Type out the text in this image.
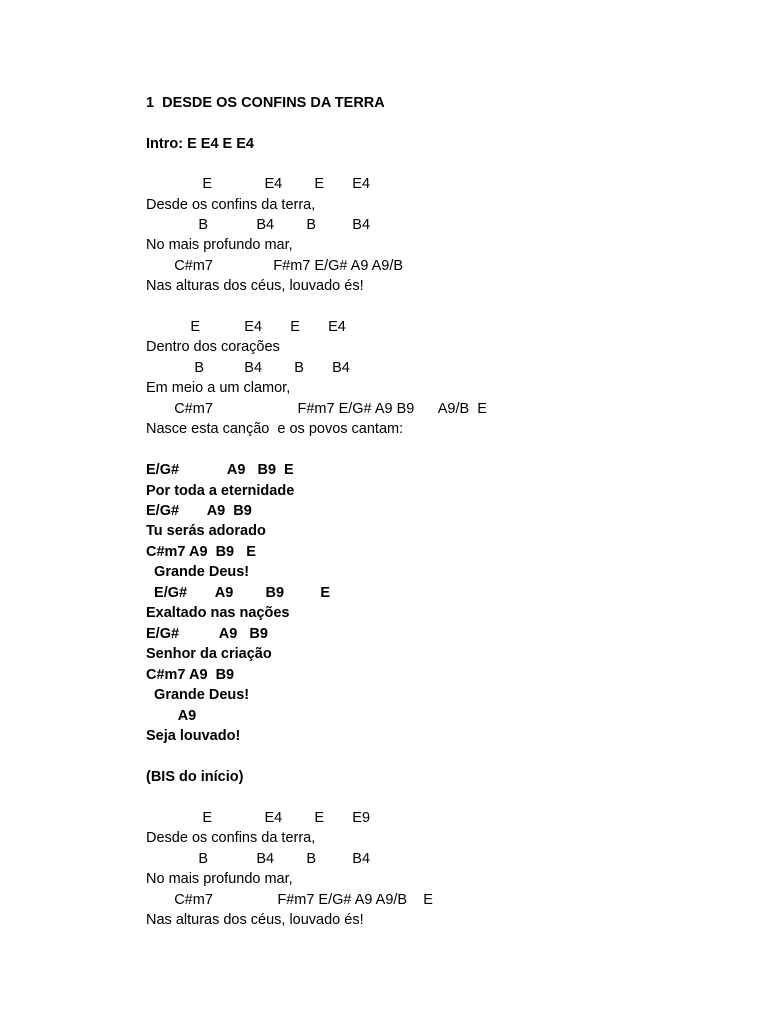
1  DESDE OS CONFINS DA TERRA
Intro: E E4 E E4
E             E4        E       E4
Desde os confins da terra,
B            B4        B         B4
No mais profundo mar,
C#m7               F#m7 E/G# A9 A9/B
Nas alturas dos céus, louvado és!
E           E4       E       E4
Dentro dos corações
B          B4        B       B4
Em meio a um clamor,
C#m7                     F#m7 E/G# A9 B9      A9/B  E
Nasce esta canção  e os povos cantam:
E/G#            A9   B9  E
Por toda a eternidade
E/G#       A9  B9
Tu serás adorado
C#m7 A9  B9   E
Grande Deus!
E/G#       A9        B9         E
Exaltado nas nações
E/G#          A9   B9
Senhor da criação
C#m7 A9  B9
Grande Deus!
A9
Seja louvado!
(BIS do início)
E             E4        E       E9
Desde os confins da terra,
B            B4        B         B4
No mais profundo mar,
C#m7                F#m7 E/G# A9 A9/B    E
Nas alturas dos céus, louvado és!
